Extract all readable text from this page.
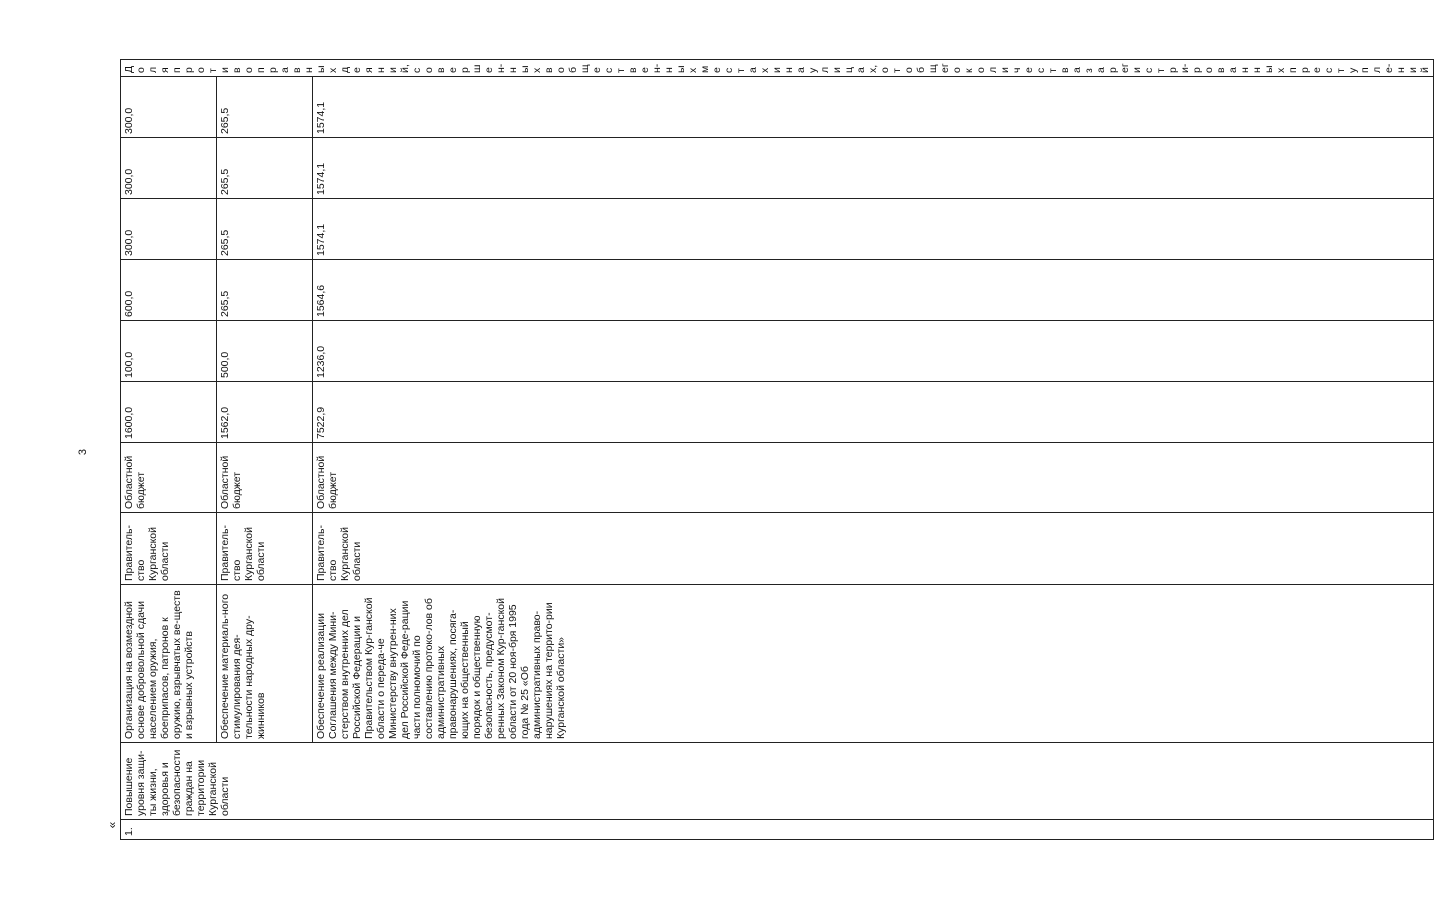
3
«
1.	Повышение уровня защи-ты жизни, здоровья и безопасности граждан на территории Курганской области	Организация на возмездной основе добровольной сдачи населением оружия, боеприпасов, патронов к оружию, взрывчатых ве-ществ и взрывных устройств	Правитель-ство Курганской области	Областной бюджет	1600,0	100,0	600,0	300,0	300,0	300,0	Доля противоправных деяний, совершен-ных в обществен-ных местах и на улицах, от общего количества зарегистри-рованных преступле-ний

		Обеспечение материаль-ного стимулирования дея-тельности народных дру-жинников	Правитель-ство Курганской области	Областной бюджет	1562,0	500,0	265,5	265,5	265,5	265,5	
		Обеспечение реализации Соглашения между Мини-стерством внутренних дел Российской Федерации и Правительством Кур-ганской области о переда-че Министерству внутрен-них дел Российской Феде-рации части полномочий по составлению протоко-лов об административных правонарушениях, посяга-ющих на общественный порядок и общественную безопасность, предусмот-ренных Законом Кур-ганской области от 20 ноя-бря 1995 года № 25 «Об административных право-нарушениях на террито-рии Курганской области»	Правитель-ство Курганской области	Областной бюджет	7522,9	1236,0	1564,6	1574,1	1574,1	1574,1	
